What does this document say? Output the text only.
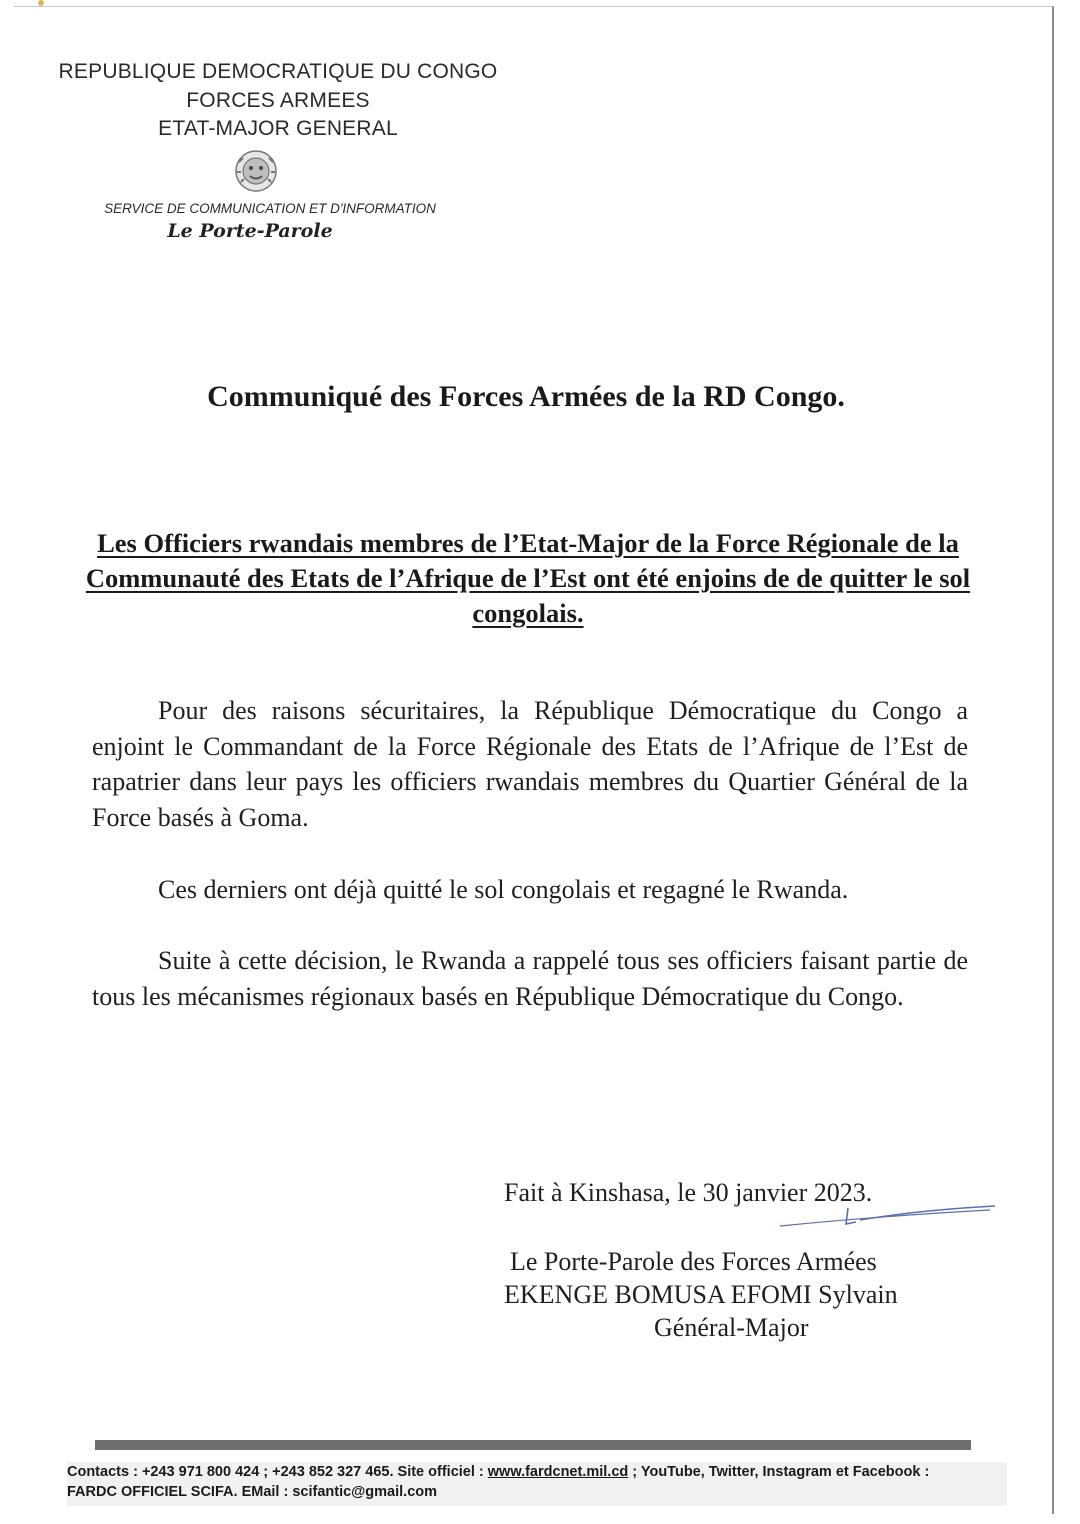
REPUBLIQUE DEMOCRATIQUE DU CONGO
FORCES ARMEES
ETAT-MAJOR GENERAL
SERVICE DE COMMUNICATION ET D'INFORMATION
Le Porte-Parole
Communiqué des Forces Armées de la RD Congo.
Les Officiers rwandais membres de l’Etat-Major de la Force Régionale de la Communauté des Etats de l’Afrique de l’Est ont été enjoins de de quitter le sol congolais.
Pour des raisons sécuritaires, la République Démocratique du Congo a enjoint le Commandant de la Force Régionale des Etats de l’Afrique de l’Est de rapatrier dans leur pays les officiers rwandais membres du Quartier Général de la Force basés à Goma.
Ces derniers ont déjà quitté le sol congolais et regagné le Rwanda.
Suite à cette décision, le Rwanda a rappelé tous ses officiers faisant partie de tous les mécanismes régionaux basés en République Démocratique du Congo.
Fait à Kinshasa, le 30 janvier 2023.
Le Porte-Parole des Forces Armées
EKENGE BOMUSA EFOMI Sylvain
Général-Major
Contacts : +243 971 800 424 ; +243 852 327 465. Site officiel : www.fardcnet.mil.cd ; YouTube, Twitter, Instagram et Facebook :
FARDC OFFICIEL SCIFA. EMail : scifantic@gmail.com
